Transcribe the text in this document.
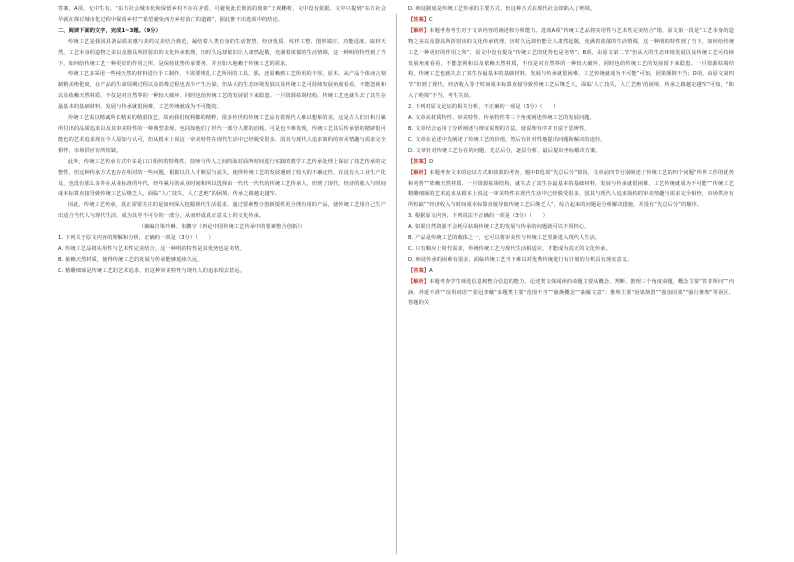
答案。A项，无中生有。“东方社会城市化和保留乡村不存在矛盾，可避免此长彼消的现象”王观鹏析，文中没有依据。文中只提到“东方社会早就在探讨城市化过程中保留乡村”“希望避免西方乡村消亡的道路”，据此推不出选项中的结论。

二、阅读下面的文字，完成1~3题。（9分）

传统工艺是我国具备品质美感与美的完美结合典范，凝结着人类自身的生活智慧，经济优质、纹样工整、图形端庄、功能适度、取材天然，工艺本身的造物之美以及器具所折射出的文化传承机理，历时久远却依旧让人肃然起敬，充满着浓郁的生活情调，这一种明的特性到了当下，如何给传统工艺一种更好的作用之所，是保持优势传承要务，并且如大地赖于传统工艺的需求。

传统工艺多采用一些纯天然的材料进行手工制作，不需要规扎工艺所用的工具，那，还需赖到工艺所用的丰厚，原木，从产品个体而言刻制精美绝伦度，在产品的生命周期过程以及消费过程也表少产生污染，但从大的生态环境发展以及传统工艺可持续发展角度看看，不能忽视和以及依赖天然材质，不仅是对自然界的一种较大破坏，同时也给传统工艺的发展留下来隐患。一旦资源枯竭结构，传统工艺也就失去了其生存最基本的基础材料，发展与传承就很困难，工艺传统就成为不可能的。

传统工艺需以精诚所长精美的精湛技艺，故而我们权利都的精粹，很多传世的传统工艺品有着现代人难以想象的美，这是古人们日积月累所付出的品质追求以及其审美特性的一种典型表现，也同如他们了世代一部分人群的消耗。可是也不难发现，传统工艺其后传承留的精辟很可能也的艺术追求现在今人原知与认可，但从根本上说这一审美特性在现代生活中已经脱受很多，国其与现代人追求简约的审美情趣与需求完全相悖，市场供应有所短缺。

此外，传统工艺传承方式中多是口口相传的特殊性，技师与传人之间的面对面所时间进行实践的教学工艺传承处理上保证了技艺传承的完整性，但这种传承方式也存在相对的一些问题，根据以往人才断层与流失，使得传统工艺的发展遇到了较大的不确定性。在没有大工业生产化及，也没有那么多外在从业标准的年代，经年累月的从业时间和所以选择由一代代一代代的传统工艺传承人，但到了现代，经济的收入与时间成本标算直接导致传统工艺后继乏人，面临“人亡技失，人亡艺绝”的困境，传承之路越走越窄。

因此，传统工艺传承，真正需要关注的是如何深入挖掘现代生活需求，通过要素整合创新提供更合理有用的产品，使传统工艺用自己生产出适合当代人与现代生活，成为其至不可分的一部分，从而形成真正意义上的文化传承。

（摘编自梁玲琳、朱鹏宇《再论中国传统工艺传承中的要素整合创新》）

1. 下列关于原文内容的理解和分析，正确的一项是（3分）（　　）

A. 传统工艺品将实用性与艺术性完美结合，这一种明的特性是其优势也是劣势。

B. 依赖天然材质，使得传统工艺的发展与传承能够延续久远。

C. 精雕细琢是传统工艺的艺术追求，但这种审美特性与现代人的追求相去甚远。

D. 师徒制度是传统工艺传承的主要方式，但这种方式在现代社会却陷入了绝境。

【答案】C

【解析】本题考查考生对于文章内容的阐述和分析能力。选项A项“传统工艺品将实用性与艺术性完美结合”错，原文第一段是“工艺本身的造物之美以及器具所折射出的文化传承机理，历时久远却仍能让人肃然起敬，充满着浓郁的生活情调，这一种明的特性到了当下，如何给传统工艺一种更好的作用之所”，原文中没有提及“传统工艺的优势也是劣势”；B项，由原文第二节“但从大的生态环境发展以及传统工艺可持续发展角度看看，不能忽视和以及依赖天然材质，不仅是对自然界的一种较大破坏，同时也给传统工艺的发展留下来隐患。一旦资源枯竭结构，传统工艺也就失去了其生存最基本的基础材料，发展与传承就很困难，工艺传统就成为不可能”可知，因果颠倒不当；D项，由原文第四节“但到了现代，经济收入等于时间成本标算直接导致传统工艺后继乏人，面临‘人亡技失，人亡艺绝’的困境，传承之路越走越窄”可知，“陷入了绝境”不当，考生失误。

2. 下列对原文论证的相关分析，不正确的一项是（3分）（　　）

A. 文章从材质特性、审美特性、传承特性等三个角度阐述传统工艺的发展问题。

B. 文章结合运用了分析阐述与辩证说理的方法，使说理有序并且富于思辨性。

C. 文章在论述中先阐述了传统工艺的价值，然后有针对性地提出问题和解决的途径。

D. 文章针对传统工艺存在的问题，先总后分，逐层分析，最后提出坐标解决方案。

【答案】D

【解析】本题考查文本的论证方式和效果的考查。题中D选项“先总后分”错误，文章前四节分别阐述了传统工艺的四个问题“传世工作的优势和劣势”“依赖天然材质，一旦资源枯竭结构，就失去了其生存最基本的基础材料，发展与传承就很困难，工艺传统就成为不可能”“传统工艺精雕细琢的艺术追求从根本上说这一审美特性在现代生活中已经脱受很多，国其与现代人追求简约的审美情趣与需求完全相悖，市场供应有所短缺”“经济收入与时间成本标算直接导致传统工艺后继乏人”，综合起来的问题是分析解决措施，并没有“先总后分”的顺序。

3. 根据原文内容，下列说法不正确的一项是（3分）（　　）

A. 如果自然资源不会耗尽枯竭传统工艺的发展与传承的问题就可以不用担心。

B. 产品是传统工艺的载体之一，它可以将审美性与传统工艺里新进入现代人生活。

C. 只有顺应上时代需求，传统传统工艺与现代生活相适应，才能成为真正的文化传承。

D. 师徒传承的困难有很多，面临传统工艺当下难以对优秀传统进行有计划的分析具有现实意义。

【答案】A

【解析】本题考查学生筛选信息和整合信息的能力。论述类文体阅读的命题主要从概念、判断、推理三个角度命题，概念主要“答非所问”“内涵、外延不准”“误用词语”“张冠李戴”多题类主要“范围不当”“偷换概念”“曲解文意”；推理主要“因果倒置”“强加因果”“强行推理”等误区。答题的关
